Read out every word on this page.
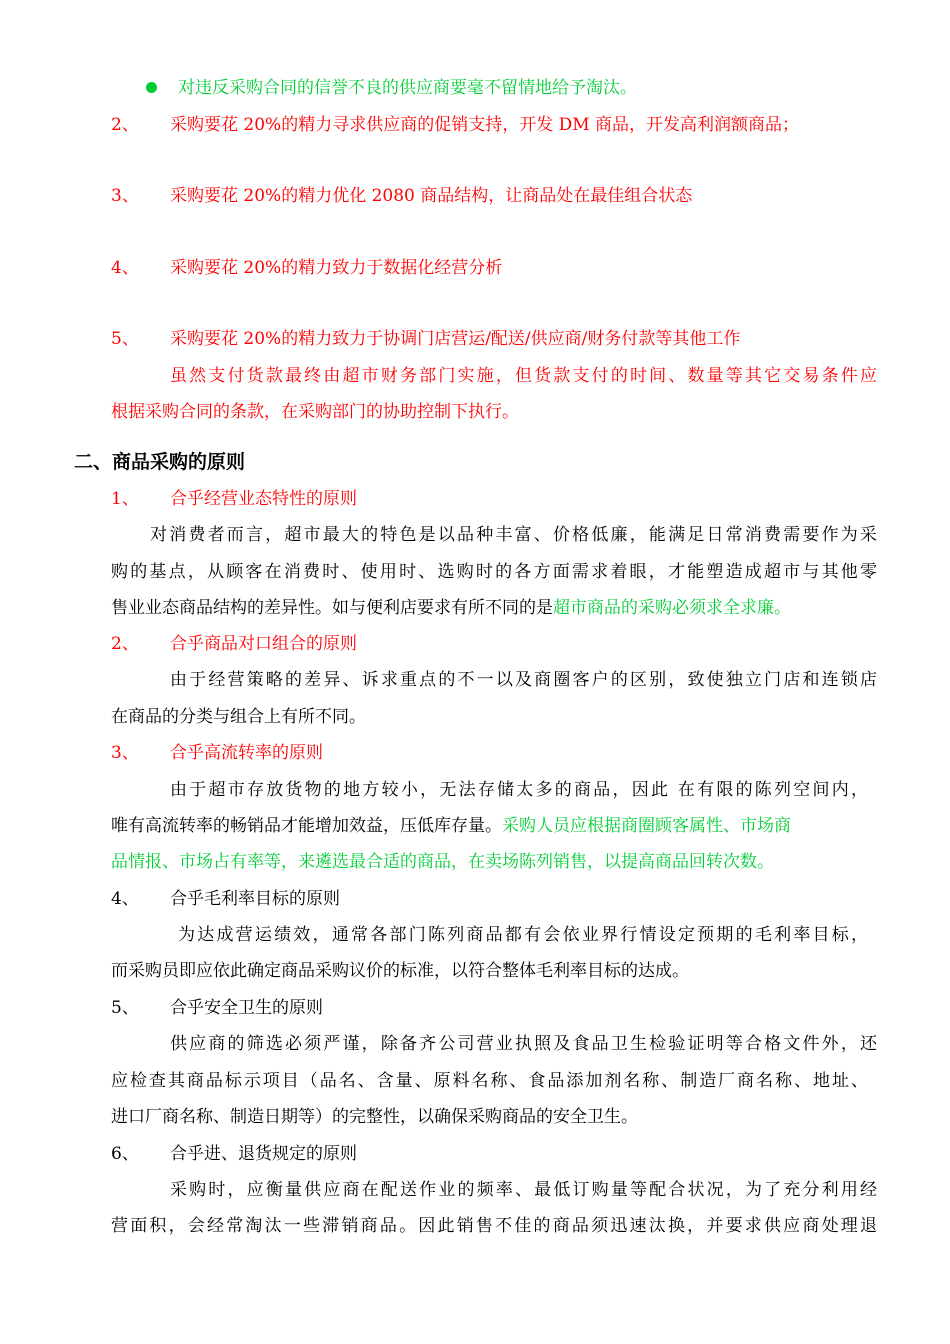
对违反采购合同的信誉不良的供应商要毫不留情地给予淘汰。
2、 采购要花 20%的精力寻求供应商的促销支持，开发 DM 商品，开发高利润额商品；
3、 采购要花 20%的精力优化 2080 商品结构，让商品处在最佳组合状态
4、 采购要花 20%的精力致力于数据化经营分析
5、 采购要花 20%的精力致力于协调门店营运/配送/供应商/财务付款等其他工作
虽然支付货款最终由超市财务部门实施，但货款支付的时间、数量等其它交易条件应
根据采购合同的条款，在采购部门的协助控制下执行。
二、商品采购的原则
1、 合乎经营业态特性的原则
对消费者而言，超市最大的特色是以品种丰富、价格低廉，能满足日常消费需要作为采
购的基点，从顾客在消费时、使用时、选购时的各方面需求着眼，才能塑造成超市与其他零
售业业态商品结构的差异性。如与便利店要求有所不同的是超市商品的采购必须求全求廉。
2、 合乎商品对口组合的原则
由于经营策略的差异、诉求重点的不一以及商圈客户的区别，致使独立门店和连锁店
在商品的分类与组合上有所不同。
3、 合乎高流转率的原则
由于超市存放货物的地方较小，无法存储太多的商品，因此 在有限的陈列空间内，
唯有高流转率的畅销品才能增加效益，压低库存量。采购人员应根据商圈顾客属性、市场商
品情报、市场占有率等，来遴选最合适的商品，在卖场陈列销售，以提高商品回转次数。
4、 合乎毛利率目标的原则
为达成营运绩效，通常各部门陈列商品都有会依业界行情设定预期的毛利率目标，
而采购员即应依此确定商品采购议价的标准，以符合整体毛利率目标的达成。
5、 合乎安全卫生的原则
供应商的筛选必须严谨，除备齐公司营业执照及食品卫生检验证明等合格文件外，还
应检查其商品标示项目（品名、含量、原料名称、食品添加剂名称、制造厂商名称、地址、
进口厂商名称、制造日期等）的完整性，以确保采购商品的安全卫生。
6、 合乎进、退货规定的原则
采购时，应衡量供应商在配送作业的频率、最低订购量等配合状况，为了充分利用经
营面积，会经常淘汰一些滞销商品。因此销售不佳的商品须迅速汰换，并要求供应商处理退
